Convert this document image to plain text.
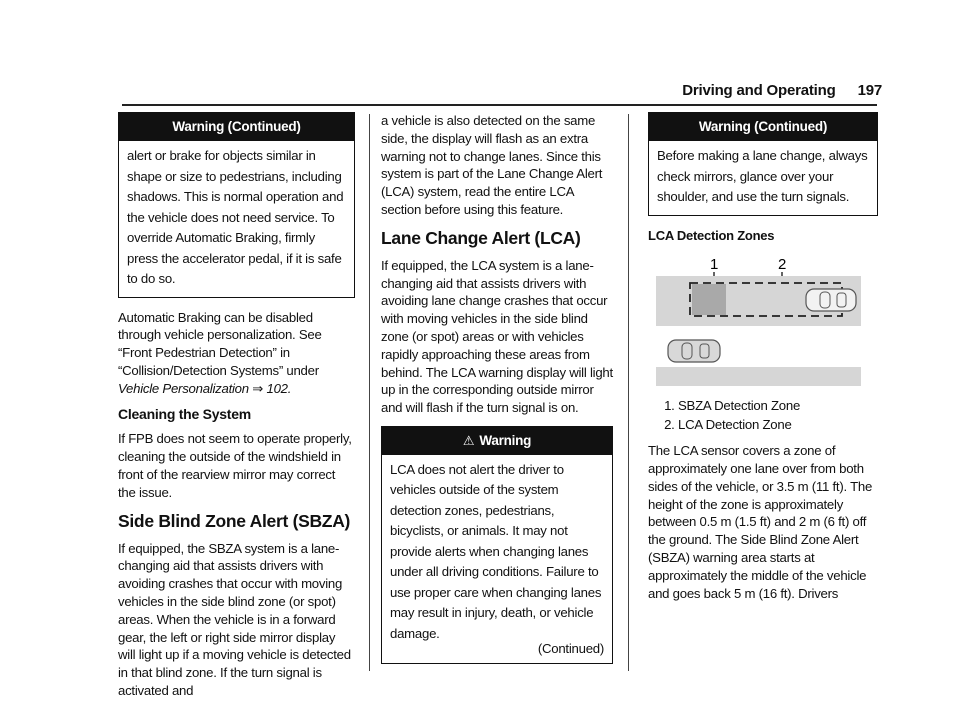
Driving and Operating 197
Warning (Continued)
alert or brake for objects similar in shape or size to pedestrians, including shadows. This is normal operation and the vehicle does not need service. To override Automatic Braking, firmly press the accelerator pedal, if it is safe to do so.

Automatic Braking can be disabled through vehicle personalization. See “Front Pedestrian Detection” in “Collision/Detection Systems” under Vehicle Personalization ⇒ 102.

Cleaning the System

If FPB does not seem to operate properly, cleaning the outside of the windshield in front of the rearview mirror may correct the issue.

Side Blind Zone Alert (SBZA)

If equipped, the SBZA system is a lane-changing aid that assists drivers with avoiding crashes that occur with moving vehicles in the side blind zone (or spot) areas. When the vehicle is in a forward gear, the left or right side mirror display will light up if a moving vehicle is detected in that blind zone. If the turn signal is activated and

a vehicle is also detected on the same side, the display will flash as an extra warning not to change lanes. Since this system is part of the Lane Change Alert (LCA) system, read the entire LCA section before using this feature.

Lane Change Alert (LCA)

If equipped, the LCA system is a lane-changing aid that assists drivers with avoiding lane change crashes that occur with moving vehicles in the side blind zone (or spot) areas or with vehicles rapidly approaching these areas from behind. The LCA warning display will light up in the corresponding outside mirror and will flash if the turn signal is on.

⚠ Warning
LCA does not alert the driver to vehicles outside of the system detection zones, pedestrians, bicyclists, or animals. It may not provide alerts when changing lanes under all driving conditions. Failure to use proper care when changing lanes may result in injury, death, or vehicle damage.
(Continued)
Warning (Continued)
Before making a lane change, always check mirrors, glance over your shoulder, and use the turn signals.
LCA Detection Zones
1	2
1. SBZA Detection Zone
2. LCA Detection Zone

The LCA sensor covers a zone of approximately one lane over from both sides of the vehicle, or 3.5 m (11 ft). The height of the zone is approximately between 0.5 m (1.5 ft) and 2 m (6 ft) off the ground. The Side Blind Zone Alert (SBZA) warning area starts at approximately the middle of the vehicle and goes back 5 m (16 ft). Drivers
